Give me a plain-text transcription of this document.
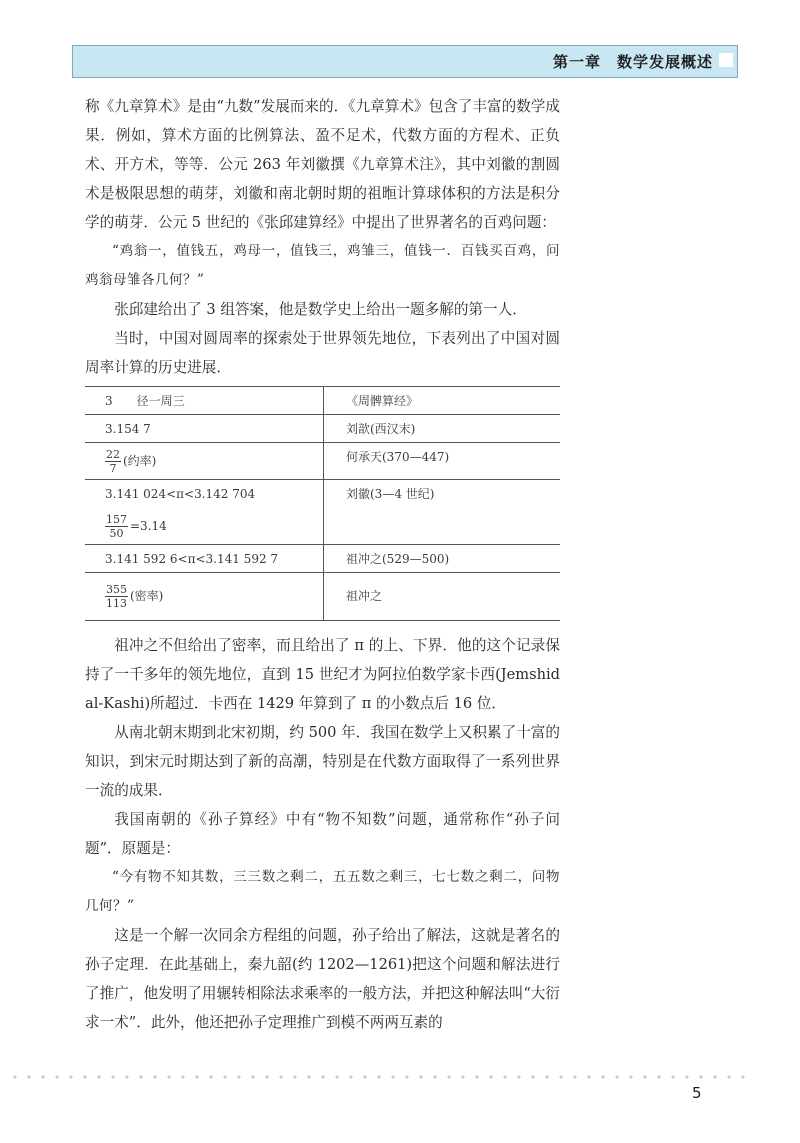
第一章　数学发展概述

称《九章算术》是由“九数”发展而来的．《九章算术》包含了丰富的数学成果．例如，算术方面的比例算法、盈不足术，代数方面的方程术、正负术、开方术，等等．公元 263 年刘徽撰《九章算术注》，其中刘徽的割圆术是极限思想的萌芽，刘徽和南北朝时期的祖暅计算球体积的方法是积分学的萌芽．公元 5 世纪的《张邱建算经》中提出了世界著名的百鸡问题：

“鸡翁一，值钱五，鸡母一，值钱三，鸡雏三，值钱一．百钱买百鸡，问鸡翁母雏各几何？”

张邱建给出了 3 组答案，他是数学史上给出一题多解的第一人．

当时，中国对圆周率的探索处于世界领先地位，下表列出了中国对圆周率计算的历史进展．

3　　径一周三	《周髀算经》
3.154 7	刘歆(西汉末)

$\frac{22}{7}$ (约率)	何承天(370—447)

3.141 024<π<3.142 704
$\frac{157}{50} =3.14$	刘徽(3—4 世纪)
3.141 592 6<π<3.141 592 7	祖冲之(529—500)

$\frac{355}{113}$ (密率)	祖冲之

祖冲之不但给出了密率，而且给出了 π 的上、下界．他的这个记录保持了一千多年的领先地位，直到 15 世纪才为阿拉伯数学家卡西(Jemshid al-Kashi)所超过．卡西在 1429 年算到了 π 的小数点后 16 位．

从南北朝末期到北宋初期，约 500 年．我国在数学上又积累了十富的知识，到宋元时期达到了新的高潮，特别是在代数方面取得了一系列世界一流的成果．

我国南朝的《孙子算经》中有“物不知数”问题，通常称作“孙子问题”．原题是：

“今有物不知其数，三三数之剩二，五五数之剩三，七七数之剩二，问物几何？”

这是一个解一次同余方程组的问题，孙子给出了解法，这就是著名的孙子定理．在此基础上，秦九韶(约 1202—1261)把这个问题和解法进行了推广，他发明了用辗转相除法求乘率的一般方法，并把这种解法叫“大衍求一术”．此外，他还把孙子定理推广到模不两两互素的

5
